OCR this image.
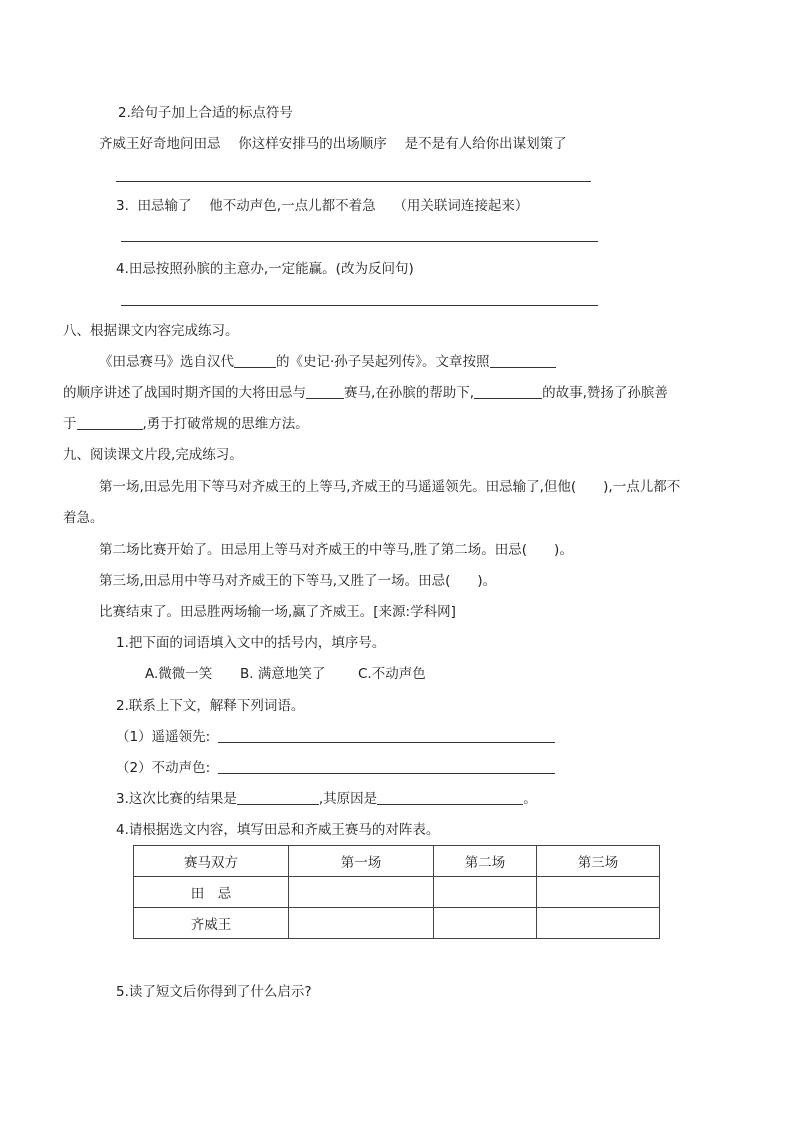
2.给句子加上合适的标点符号
齐威王好奇地问田忌　 你这样安排马的出场顺序　 是不是有人给你出谋划策了
3. 田忌输了　 他不动声色,一点儿都不着急　 （用关联词连接起来）
4.田忌按照孙膑的主意办,一定能赢。(改为反问句)
八、根据课文内容完成练习。
《田忌赛马》选自汉代	的《史记·孙子吴起列传》。文章按照
的顺序讲述了战国时期齐国的大将田忌与	赛马,在孙膑的帮助下,	的故事,赞扬了孙膑善
于	,勇于打破常规的思维方法。
九、阅读课文片段,完成练习。
第一场,田忌先用下等马对齐威王的上等马,齐威王的马遥遥领先。田忌输了,但他(　　),一点儿都不
着急。
第二场比赛开始了。田忌用上等马对齐威王的中等马,胜了第二场。田忌(　　)。
第三场,田忌用中等马对齐威王的下等马,又胜了一场。田忌(　　)。
比赛结束了。田忌胜两场输一场,赢了齐威王。[来源:学科网]
1.把下面的词语填入文中的括号内，填序号。
A.微微一笑 B. 满意地笑了 C.不动声色
2.联系上下文，解释下列词语。
（1）遥遥领先:
（2）不动声色:
3.这次比赛的结果是	,其原因是	。
4.请根据选文内容，填写田忌和齐威王赛马的对阵表。
赛马双方	第一场	第二场	第三场
田　忌			
齐威王			
5.读了短文后你得到了什么启示?
